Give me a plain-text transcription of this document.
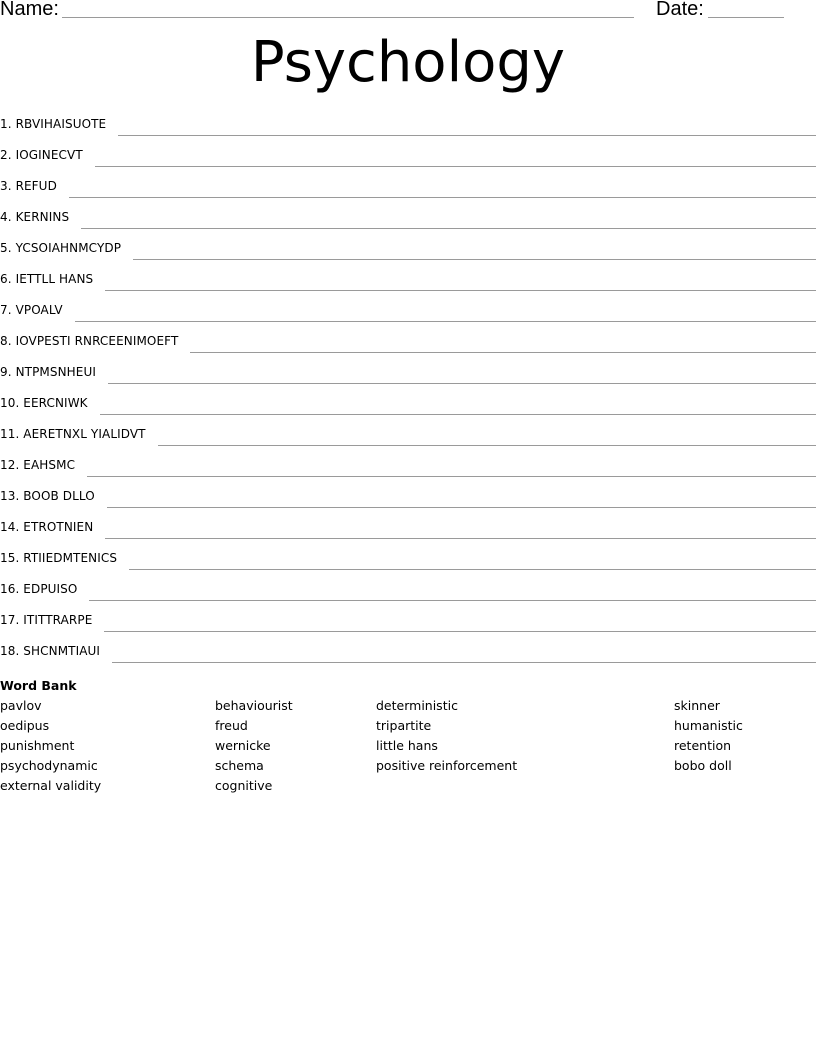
Name:	Date:
Psychology
1. RBVIHAISUOTE
2. IOGINECVT
3. REFUD
4. KERNINS
5. YCSOIAHNMCYDP
6. IETTLL HANS
7. VPOALV
8. IOVPESTI RNRCEENIMOEFT
9. NTPMSNHEUI
10. EERCNIWK
11. AERETNXL YIALIDVT
12. EAHSMC
13. BOOB DLLO
14. ETROTNIEN
15. RTIIEDMTENICS
16. EDPUISO
17. ITITTRARPE
18. SHCNMTIAUI
Word Bank
pavlov
oedipus
punishment
psychodynamic
external validity
behaviourist
freud
wernicke
schema
cognitive
deterministic
tripartite
little hans
positive reinforcement
skinner
humanistic
retention
bobo doll
